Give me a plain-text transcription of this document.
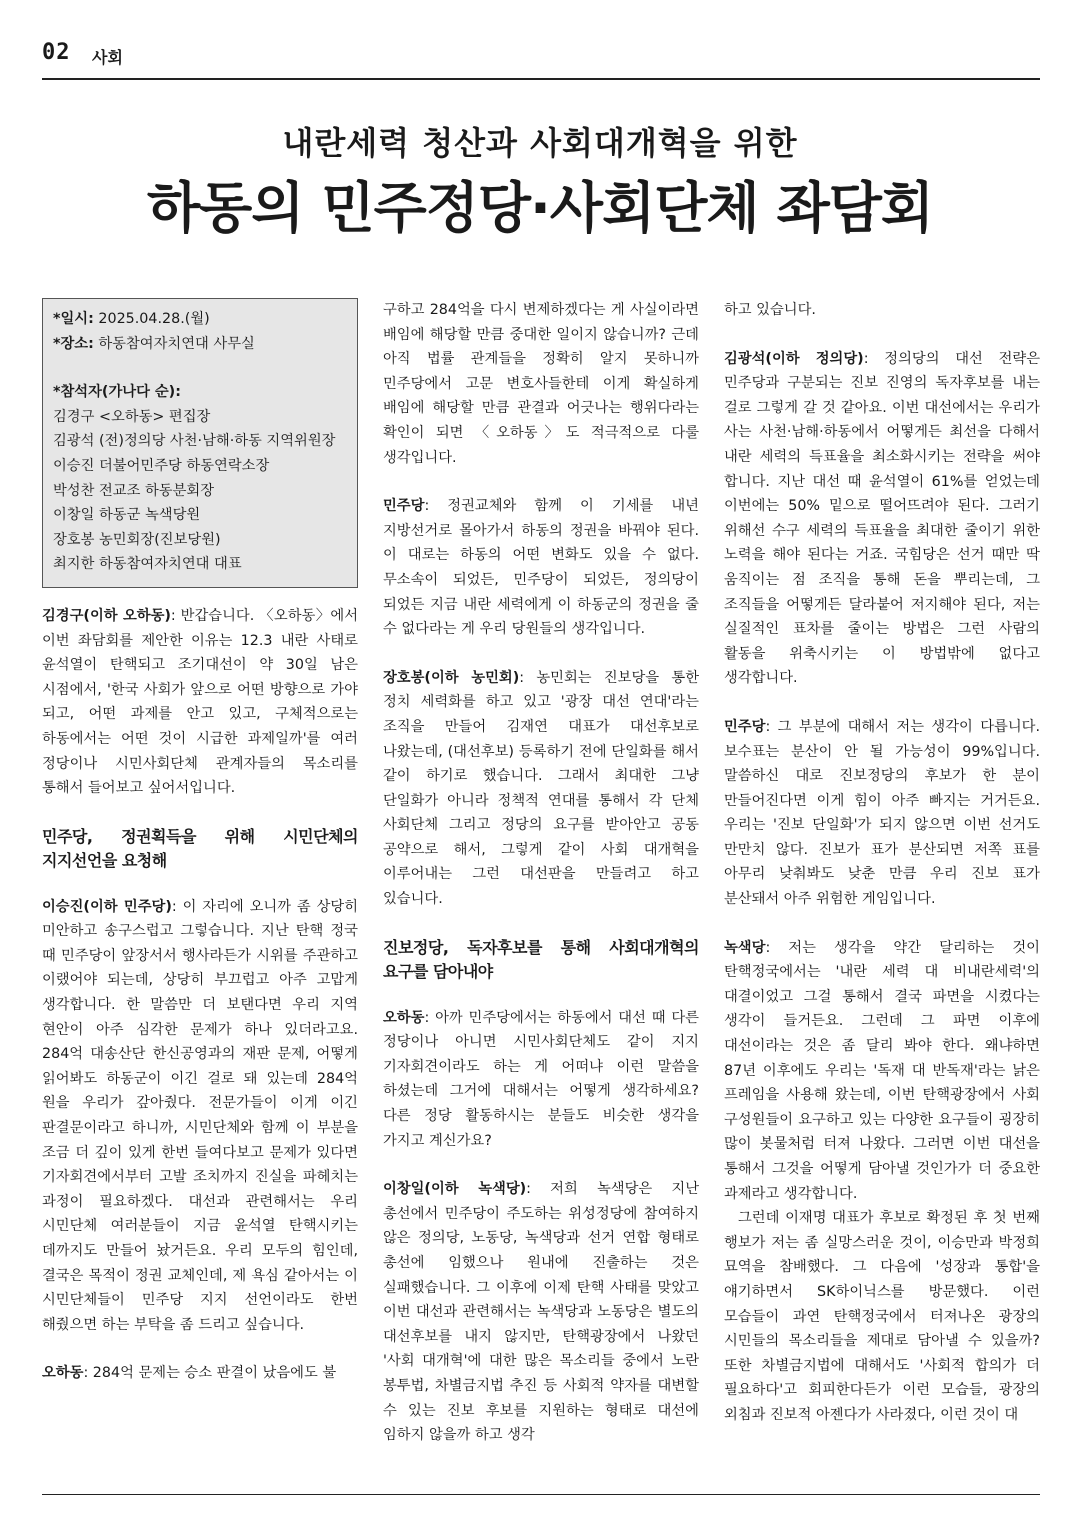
02 사회
내란세력 청산과 사회대개혁을 위한
하동의 민주정당·사회단체 좌담회
*일시: 2025.04.28.(월)
*장소: 하동참여자치연대 사무실
*참석자(가나다 순):
김경구 <오하동> 편집장
김광석 (전)정의당 사천·남해·하동 지역위원장
이승진 더불어민주당 하동연락소장
박성찬 전교조 하동분회장
이창일 하동군 녹색당원
장호봉 농민회장(진보당원)
최지한 하동참여자치연대 대표

김경구(이하 오하동): 반갑습니다. 〈오하동〉에서 이번 좌담회를 제안한 이유는 12.3 내란 사태로 윤석열이 탄핵되고 조기대선이 약 30일 남은 시점에서, '한국 사회가 앞으로 어떤 방향으로 가야 되고, 어떤 과제를 안고 있고, 구체적으로는 하동에서는 어떤 것이 시급한 과제일까'를 여러 정당이나 시민사회단체 관계자들의 목소리를 통해서 들어보고 싶어서입니다.

민주당, 정권획득을 위해 시민단체의 지지선언을 요청해

이승진(이하 민주당): 이 자리에 오니까 좀 상당히 미안하고 송구스럽고 그렇습니다. 지난 탄핵 정국 때 민주당이 앞장서서 행사라든가 시위를 주관하고 이랬어야 되는데, 상당히 부끄럽고 아주 고맙게 생각합니다. 한 말씀만 더 보탠다면 우리 지역 현안이 아주 심각한 문제가 하나 있더라고요. 284억 대송산단 한신공영과의 재판 문제, 어떻게 읽어봐도 하동군이 이긴 걸로 돼 있는데 284억 원을 우리가 갚아줬다. 전문가들이 이게 이긴 판결문이라고 하니까, 시민단체와 함께 이 부분을 조금 더 깊이 있게 한번 들여다보고 문제가 있다면 기자회견에서부터 고발 조치까지 진실을 파헤치는 과정이 필요하겠다. 대선과 관련해서는 우리 시민단체 여러분들이 지금 윤석열 탄핵시키는 데까지도 만들어 놨거든요. 우리 모두의 힘인데, 결국은 목적이 정권 교체인데, 제 욕심 같아서는 이 시민단체들이 민주당 지지 선언이라도 한번 해줬으면 하는 부탁을 좀 드리고 싶습니다.

오하동: 284억 문제는 승소 판결이 났음에도 불

구하고 284억을 다시 변제하겠다는 게 사실이라면 배임에 해당할 만큼 중대한 일이지 않습니까? 근데 아직 법률 관계들을 정확히 알지 못하니까 민주당에서 고문 변호사들한테 이게 확실하게 배임에 해당할 만큼 관결과 어긋나는 행위다라는 확인이 되면 〈오하동〉도 적극적으로 다룰 생각입니다.

민주당: 정권교체와 함께 이 기세를 내년 지방선거로 몰아가서 하동의 정권을 바꿔야 된다. 이 대로는 하동의 어떤 변화도 있을 수 없다. 무소속이 되었든, 민주당이 되었든, 정의당이 되었든 지금 내란 세력에게 이 하동군의 정권을 줄 수 없다라는 게 우리 당원들의 생각입니다.

장호봉(이하 농민회): 농민회는 진보당을 통한 정치 세력화를 하고 있고 '광장 대선 연대'라는 조직을 만들어 김재연 대표가 대선후보로 나왔는데, (대선후보) 등록하기 전에 단일화를 해서 같이 하기로 했습니다. 그래서 최대한 그냥 단일화가 아니라 정책적 연대를 통해서 각 단체 사회단체 그리고 정당의 요구를 받아안고 공동 공약으로 해서, 그렇게 같이 사회 대개혁을 이루어내는 그런 대선판을 만들려고 하고 있습니다.

진보정당, 독자후보를 통해 사회대개혁의 요구를 담아내야

오하동: 아까 민주당에서는 하동에서 대선 때 다른 정당이나 아니면 시민사회단체도 같이 지지 기자회견이라도 하는 게 어떠냐 이런 말씀을 하셨는데 그거에 대해서는 어떻게 생각하세요? 다른 정당 활동하시는 분들도 비슷한 생각을 가지고 계신가요?

이창일(이하 녹색당): 저희 녹색당은 지난 총선에서 민주당이 주도하는 위성정당에 참여하지 않은 정의당, 노동당, 녹색당과 선거 연합 형태로 총선에 임했으나 원내에 진출하는 것은 실패했습니다. 그 이후에 이제 탄핵 사태를 맞았고 이번 대선과 관련해서는 녹색당과 노동당은 별도의 대선후보를 내지 않지만, 탄핵광장에서 나왔던 '사회 대개혁'에 대한 많은 목소리들 중에서 노란 봉투법, 차별금지법 추진 등 사회적 약자를 대변할 수 있는 진보 후보를 지원하는 형태로 대선에 임하지 않을까 하고 생각

하고 있습니다.

김광석(이하 정의당): 정의당의 대선 전략은 민주당과 구분되는 진보 진영의 독자후보를 내는 걸로 그렇게 갈 것 같아요. 이번 대선에서는 우리가 사는 사천·남해·하동에서 어떻게든 최선을 다해서 내란 세력의 득표율을 최소화시키는 전략을 써야 합니다. 지난 대선 때 윤석열이 61%를 얻었는데 이번에는 50% 밑으로 떨어뜨려야 된다. 그러기 위해선 수구 세력의 득표율을 최대한 줄이기 위한 노력을 해야 된다는 거죠. 국힘당은 선거 때만 딱 움직이는 점 조직을 통해 돈을 뿌리는데, 그 조직들을 어떻게든 달라붙어 저지해야 된다, 저는 실질적인 표차를 줄이는 방법은 그런 사람의 활동을 위축시키는 이 방법밖에 없다고 생각합니다.

민주당: 그 부분에 대해서 저는 생각이 다릅니다. 보수표는 분산이 안 될 가능성이 99%입니다. 말씀하신 대로 진보정당의 후보가 한 분이 만들어진다면 이게 힘이 아주 빠지는 거거든요. 우리는 '진보 단일화'가 되지 않으면 이번 선거도 만만치 않다. 진보가 표가 분산되면 저쪽 표를 아무리 낮춰봐도 낮춘 만큼 우리 진보 표가 분산돼서 아주 위험한 게임입니다.

녹색당: 저는 생각을 약간 달리하는 것이 탄핵정국에서는 '내란 세력 대 비내란세력'의 대결이었고 그걸 통해서 결국 파면을 시켰다는 생각이 들거든요. 그런데 그 파면 이후에 대선이라는 것은 좀 달리 봐야 한다. 왜냐하면 87년 이후에도 우리는 '독재 대 반독재'라는 낡은 프레임을 사용해 왔는데, 이번 탄핵광장에서 사회 구성원들이 요구하고 있는 다양한 요구들이 굉장히 많이 봇물처럼 터져 나왔다. 그러면 이번 대선을 통해서 그것을 어떻게 담아낼 것인가가 더 중요한 과제라고 생각합니다.

그런데 이재명 대표가 후보로 확정된 후 첫 번째 행보가 저는 좀 실망스러운 것이, 이승만과 박정희 묘역을 참배했다. 그 다음에 '성장과 통합'을 얘기하면서 SK하이닉스를 방문했다. 이런 모습들이 과연 탄핵정국에서 터져나온 광장의 시민들의 목소리들을 제대로 담아낼 수 있을까? 또한 차별금지법에 대해서도 '사회적 합의가 더 필요하다'고 회피한다든가 이런 모습들, 광장의 외침과 진보적 아젠다가 사라졌다, 이런 것이 대
